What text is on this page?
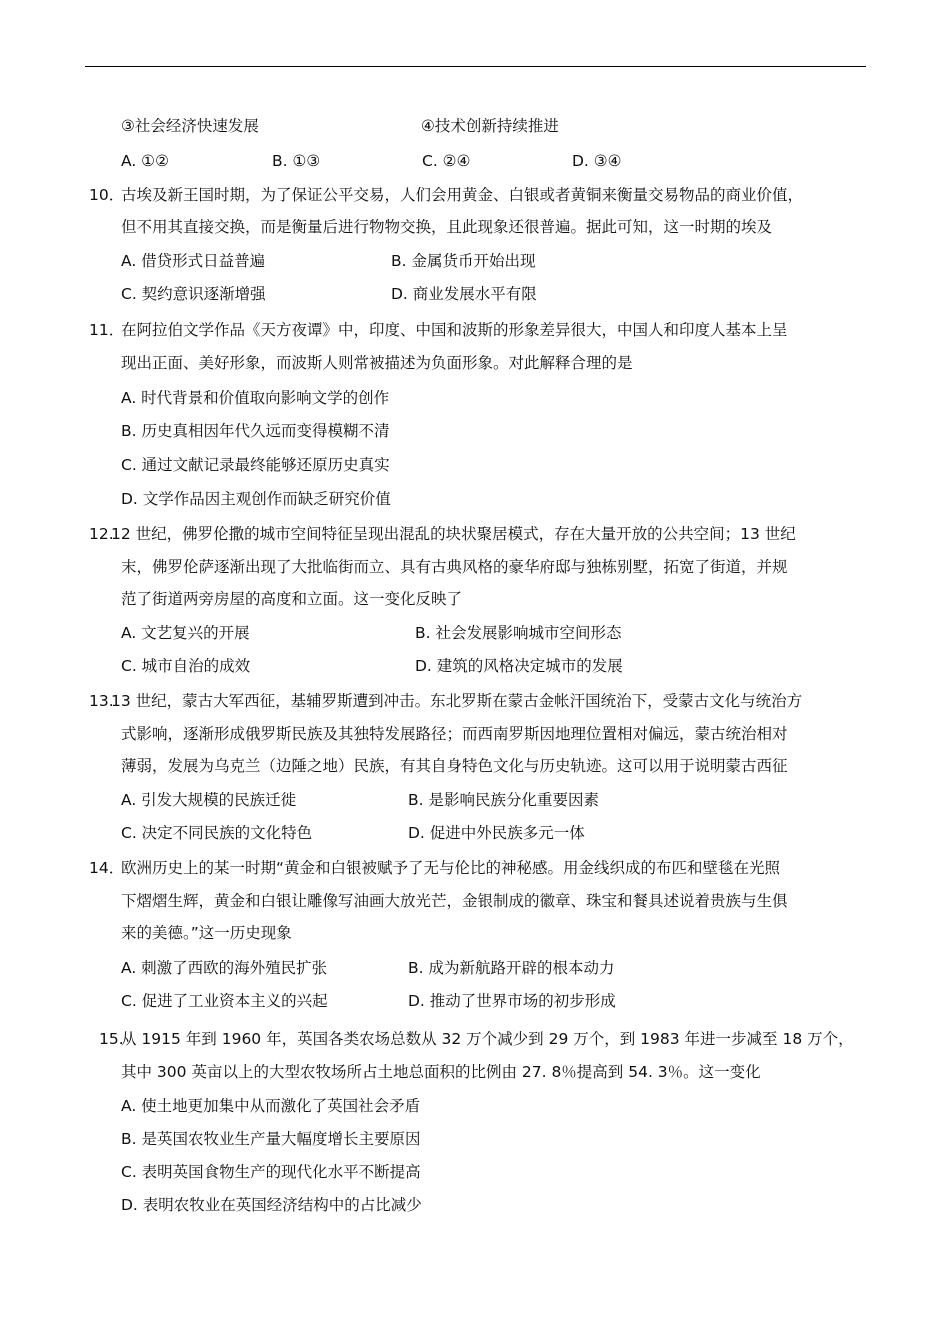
③社会经济快速发展	④技术创新持续推进
A. ①②	B. ①③	C. ②④	D. ③④
10．
古埃及新王国时期，为了保证公平交易，人们会用黄金、白银或者黄铜来衡量交易物品的商业价值，
但不用其直接交换，而是衡量后进行物物交换，且此现象还很普遍。据此可知，这一时期的埃及
A. 借贷形式日益普遍	B. 金属货币开始出现
C. 契约意识逐渐增强	D. 商业发展水平有限
11．
在阿拉伯文学作品《天方夜谭》中，印度、中国和波斯的形象差异很大，中国人和印度人基本上呈
现出正面、美好形象，而波斯人则常被描述为负面形象。对此解释合理的是
A. 时代背景和价值取向影响文学的创作
B. 历史真相因年代久远而变得模糊不清
C. 通过文献记录最终能够还原历史真实
D. 文学作品因主观创作而缺乏研究价值
12.
12 世纪，佛罗伦撒的城市空间特征呈现出混乱的块状聚居模式，存在大量开放的公共空间；13 世纪
末，佛罗伦萨逐渐出现了大批临街而立、具有古典风格的豪华府邸与独栋别墅，拓宽了街道，并规
范了街道两旁房屋的高度和立面。这一变化反映了
A. 文艺复兴的开展	B. 社会发展影响城市空间形态
C. 城市自治的成效	D. 建筑的风格决定城市的发展
13.
13 世纪，蒙古大军西征，基辅罗斯遭到冲击。东北罗斯在蒙古金帐汗国统治下，受蒙古文化与统治方
式影响，逐渐形成俄罗斯民族及其独特发展路径；而西南罗斯因地理位置相对偏远，蒙古统治相对
薄弱，发展为乌克兰（边陲之地）民族，有其自身特色文化与历史轨迹。这可以用于说明蒙古西征
A. 引发大规模的民族迁徙	B. 是影响民族分化重要因素
C. 决定不同民族的文化特色	D. 促进中外民族多元一体
14．
欧洲历史上的某一时期“黄金和白银被赋予了无与伦比的神秘感。用金线织成的布匹和壁毯在光照
下熠熠生辉，黄金和白银让雕像写油画大放光芒，金银制成的徽章、珠宝和餐具述说着贵族与生俱
来的美德。”这一历史现象
A. 刺激了西欧的海外殖民扩张	B. 成为新航路开辟的根本动力
C. 促进了工业资本主义的兴起	D. 推动了世界市场的初步形成
15.
从 1915 年到 1960 年，英国各类农场总数从 32 万个减少到 29 万个，到 1983 年进一步减至 18 万个，
其中 300 英亩以上的大型农牧场所占土地总面积的比例由 27. 8％提高到 54. 3％。这一变化
A. 使土地更加集中从而激化了英国社会矛盾
B. 是英国农牧业生产量大幅度增长主要原因
C. 表明英国食物生产的现代化水平不断提高
D. 表明农牧业在英国经济结构中的占比减少
